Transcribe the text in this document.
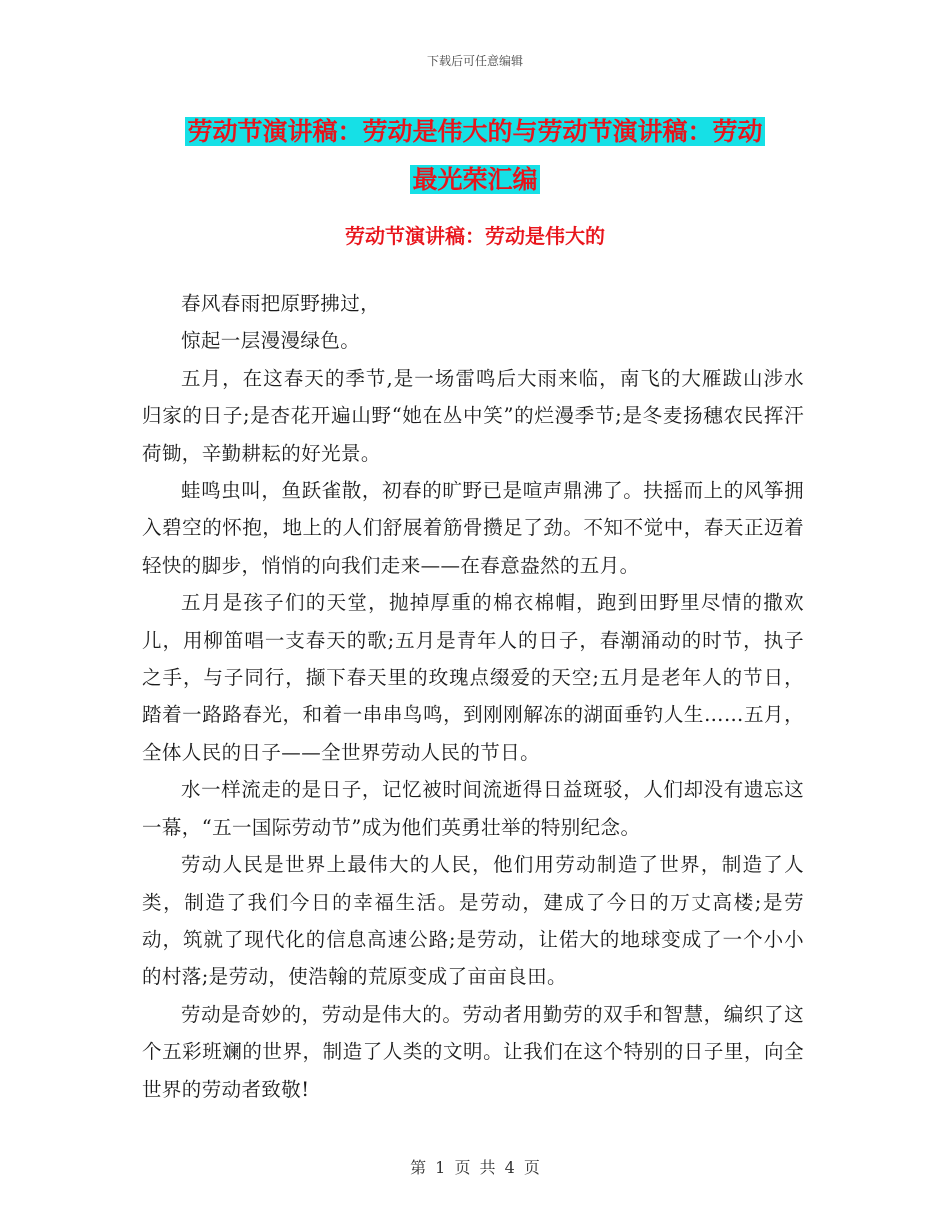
下载后可任意编辑
劳动节演讲稿：劳动是伟大的与劳动节演讲稿：劳动
最光荣汇编
劳动节演讲稿：劳动是伟大的

春风春雨把原野拂过，

惊起一层漫漫绿色。

五月，在这春天的季节,是一场雷鸣后大雨来临，南飞的大雁跋山涉水归家的日子;是杏花开遍山野“她在丛中笑”的烂漫季节;是冬麦扬穗农民挥汗荷锄，辛勤耕耘的好光景。

蛙鸣虫叫，鱼跃雀散，初春的旷野已是喧声鼎沸了。扶摇而上的风筝拥入碧空的怀抱，地上的人们舒展着筋骨攒足了劲。不知不觉中，春天正迈着轻快的脚步，悄悄的向我们走来——在春意盎然的五月。

五月是孩子们的天堂，抛掉厚重的棉衣棉帽，跑到田野里尽情的撒欢儿，用柳笛唱一支春天的歌;五月是青年人的日子，春潮涌动的时节，执子之手，与子同行，撷下春天里的玫瑰点缀爱的天空;五月是老年人的节日，踏着一路路春光，和着一串串鸟鸣，到刚刚解冻的湖面垂钓人生……五月，全体人民的日子——全世界劳动人民的节日。

水一样流走的是日子，记忆被时间流逝得日益斑驳，人们却没有遗忘这一幕，“五一国际劳动节”成为他们英勇壮举的特别纪念。

劳动人民是世界上最伟大的人民，他们用劳动制造了世界，制造了人类，制造了我们今日的幸福生活。是劳动，建成了今日的万丈高楼;是劳动，筑就了现代化的信息高速公路;是劳动，让偌大的地球变成了一个小小的村落;是劳动，使浩翰的荒原变成了亩亩良田。

劳动是奇妙的，劳动是伟大的。劳动者用勤劳的双手和智慧，编织了这个五彩班斓的世界，制造了人类的文明。让我们在这个特别的日子里，向全世界的劳动者致敬!

第 1 页 共 4 页
